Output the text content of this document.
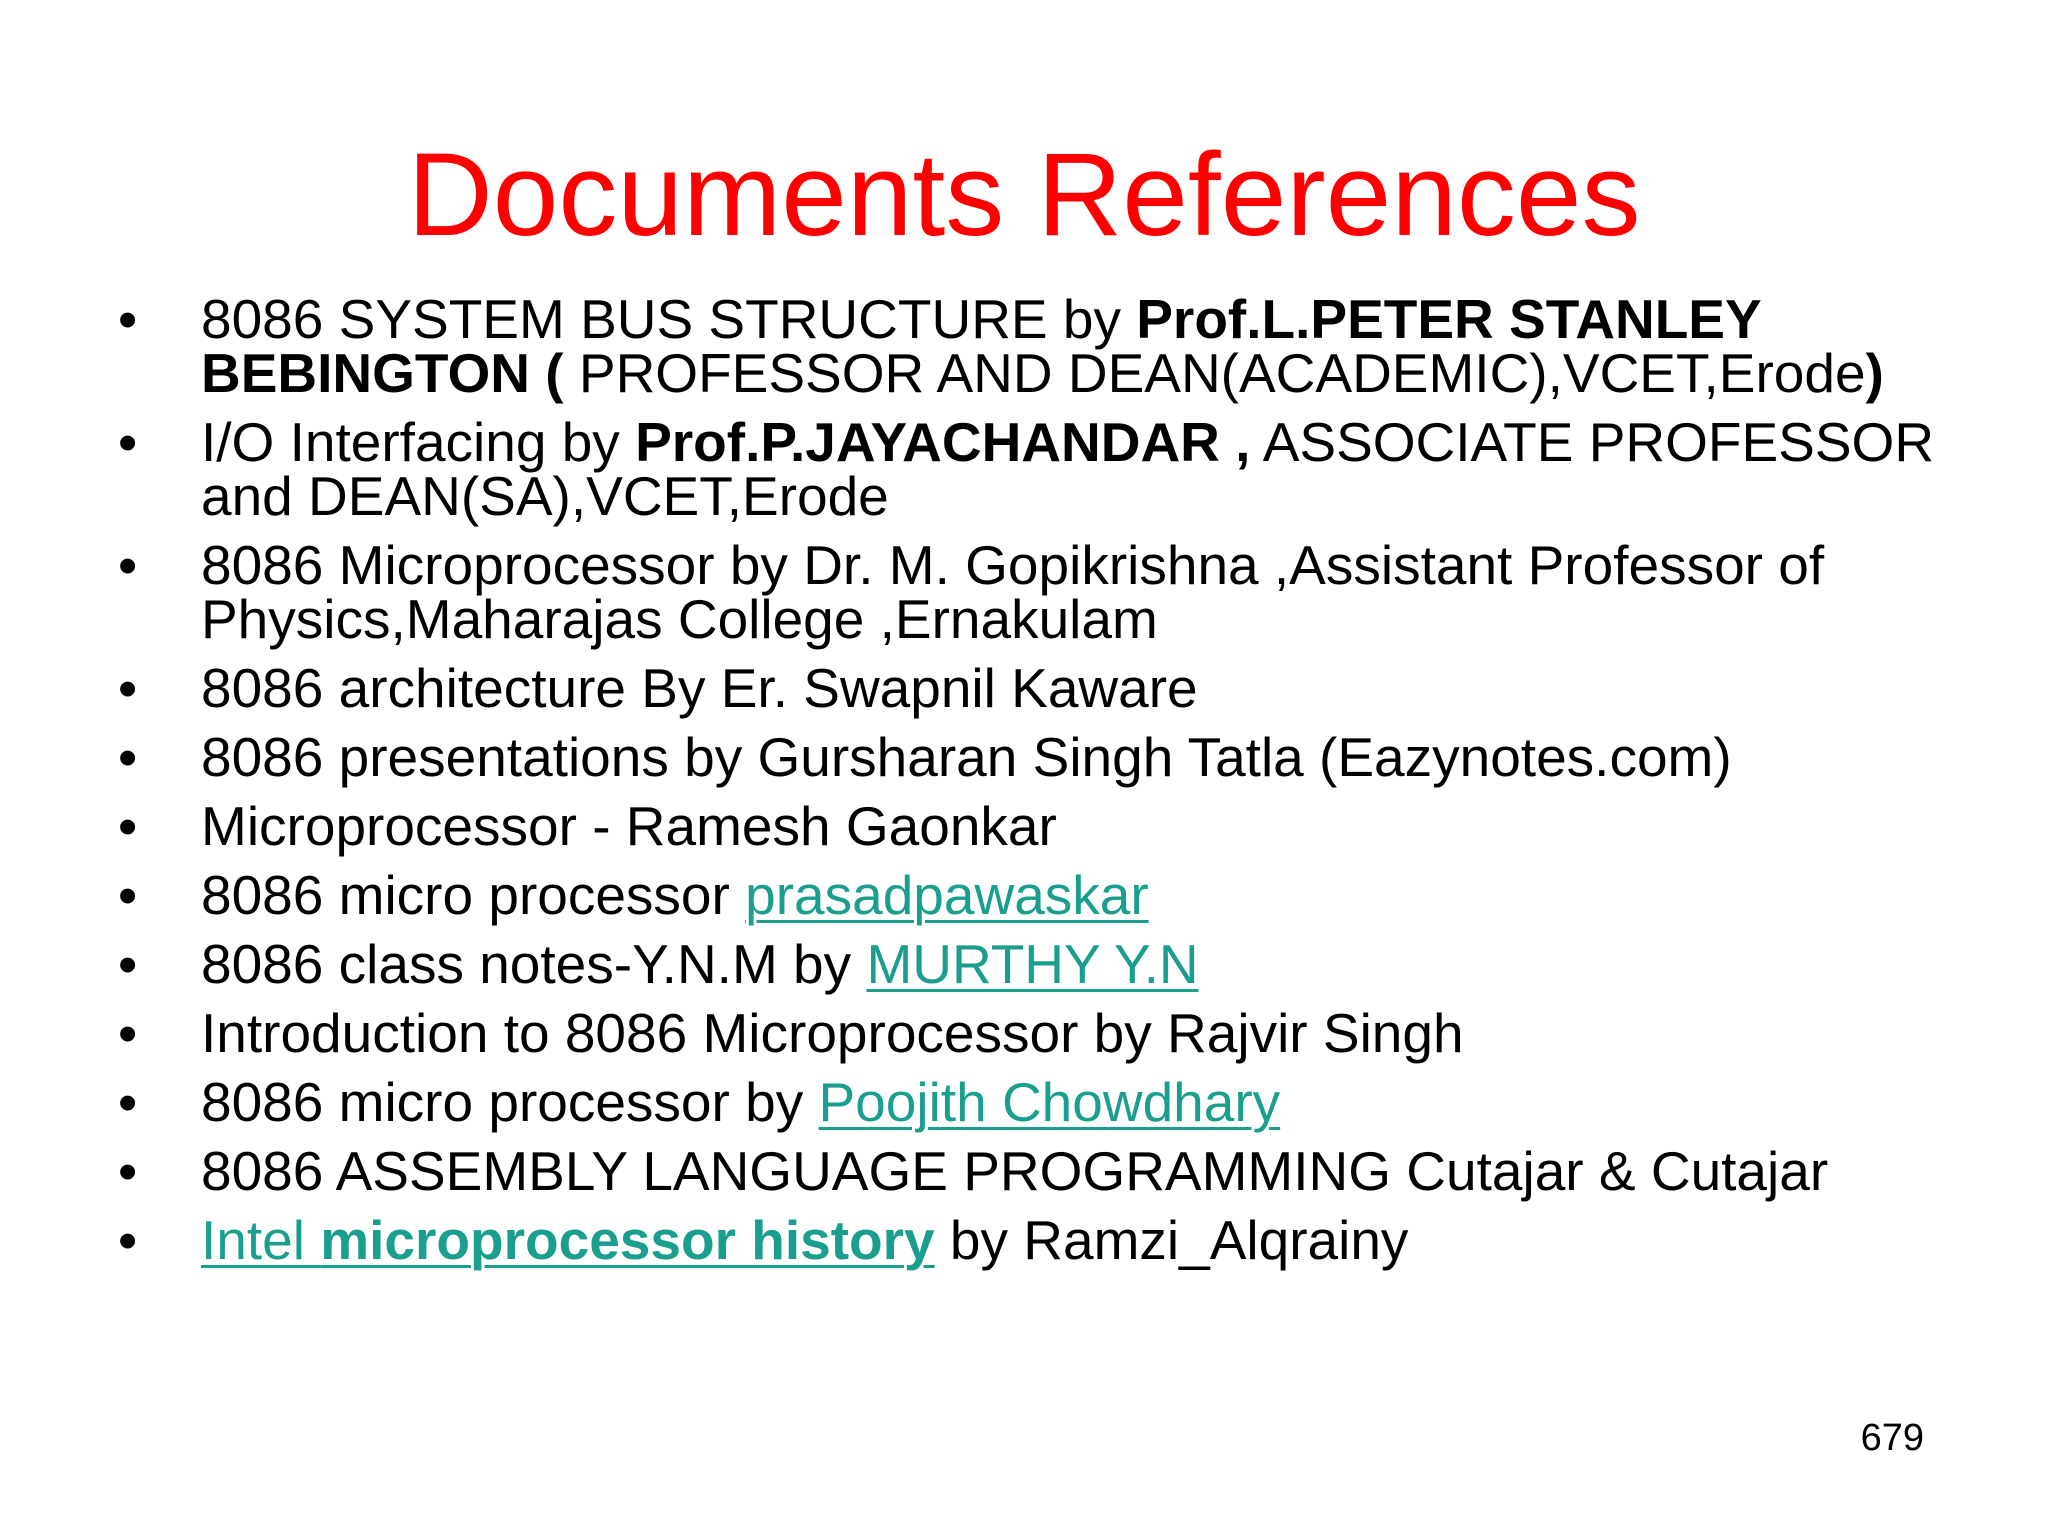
Documents References
•	8086 SYSTEM BUS STRUCTURE by Prof.L.PETER STANLEY BEBINGTON ( PROFESSOR AND DEAN(ACADEMIC),VCET,Erode)
•	I/O Interfacing by Prof.P.JAYACHANDAR , ASSOCIATE PROFESSOR and DEAN(SA),VCET,Erode
•	8086 Microprocessor by Dr. M. Gopikrishna ,Assistant Professor of Physics,Maharajas College ,Ernakulam
•	8086 architecture By Er. Swapnil Kaware
•	8086 presentations by Gursharan Singh Tatla (Eazynotes.com)
•	Microprocessor - Ramesh Gaonkar
•	8086 micro processor prasadpawaskar
•	8086 class notes-Y.N.M by MURTHY Y.N
•	Introduction to 8086 Microprocessor by Rajvir Singh
•	8086 micro processor by Poojith Chowdhary
•	8086 ASSEMBLY LANGUAGE PROGRAMMING Cutajar & Cutajar
•	Intel microprocessor history by Ramzi_Alqrainy
679
